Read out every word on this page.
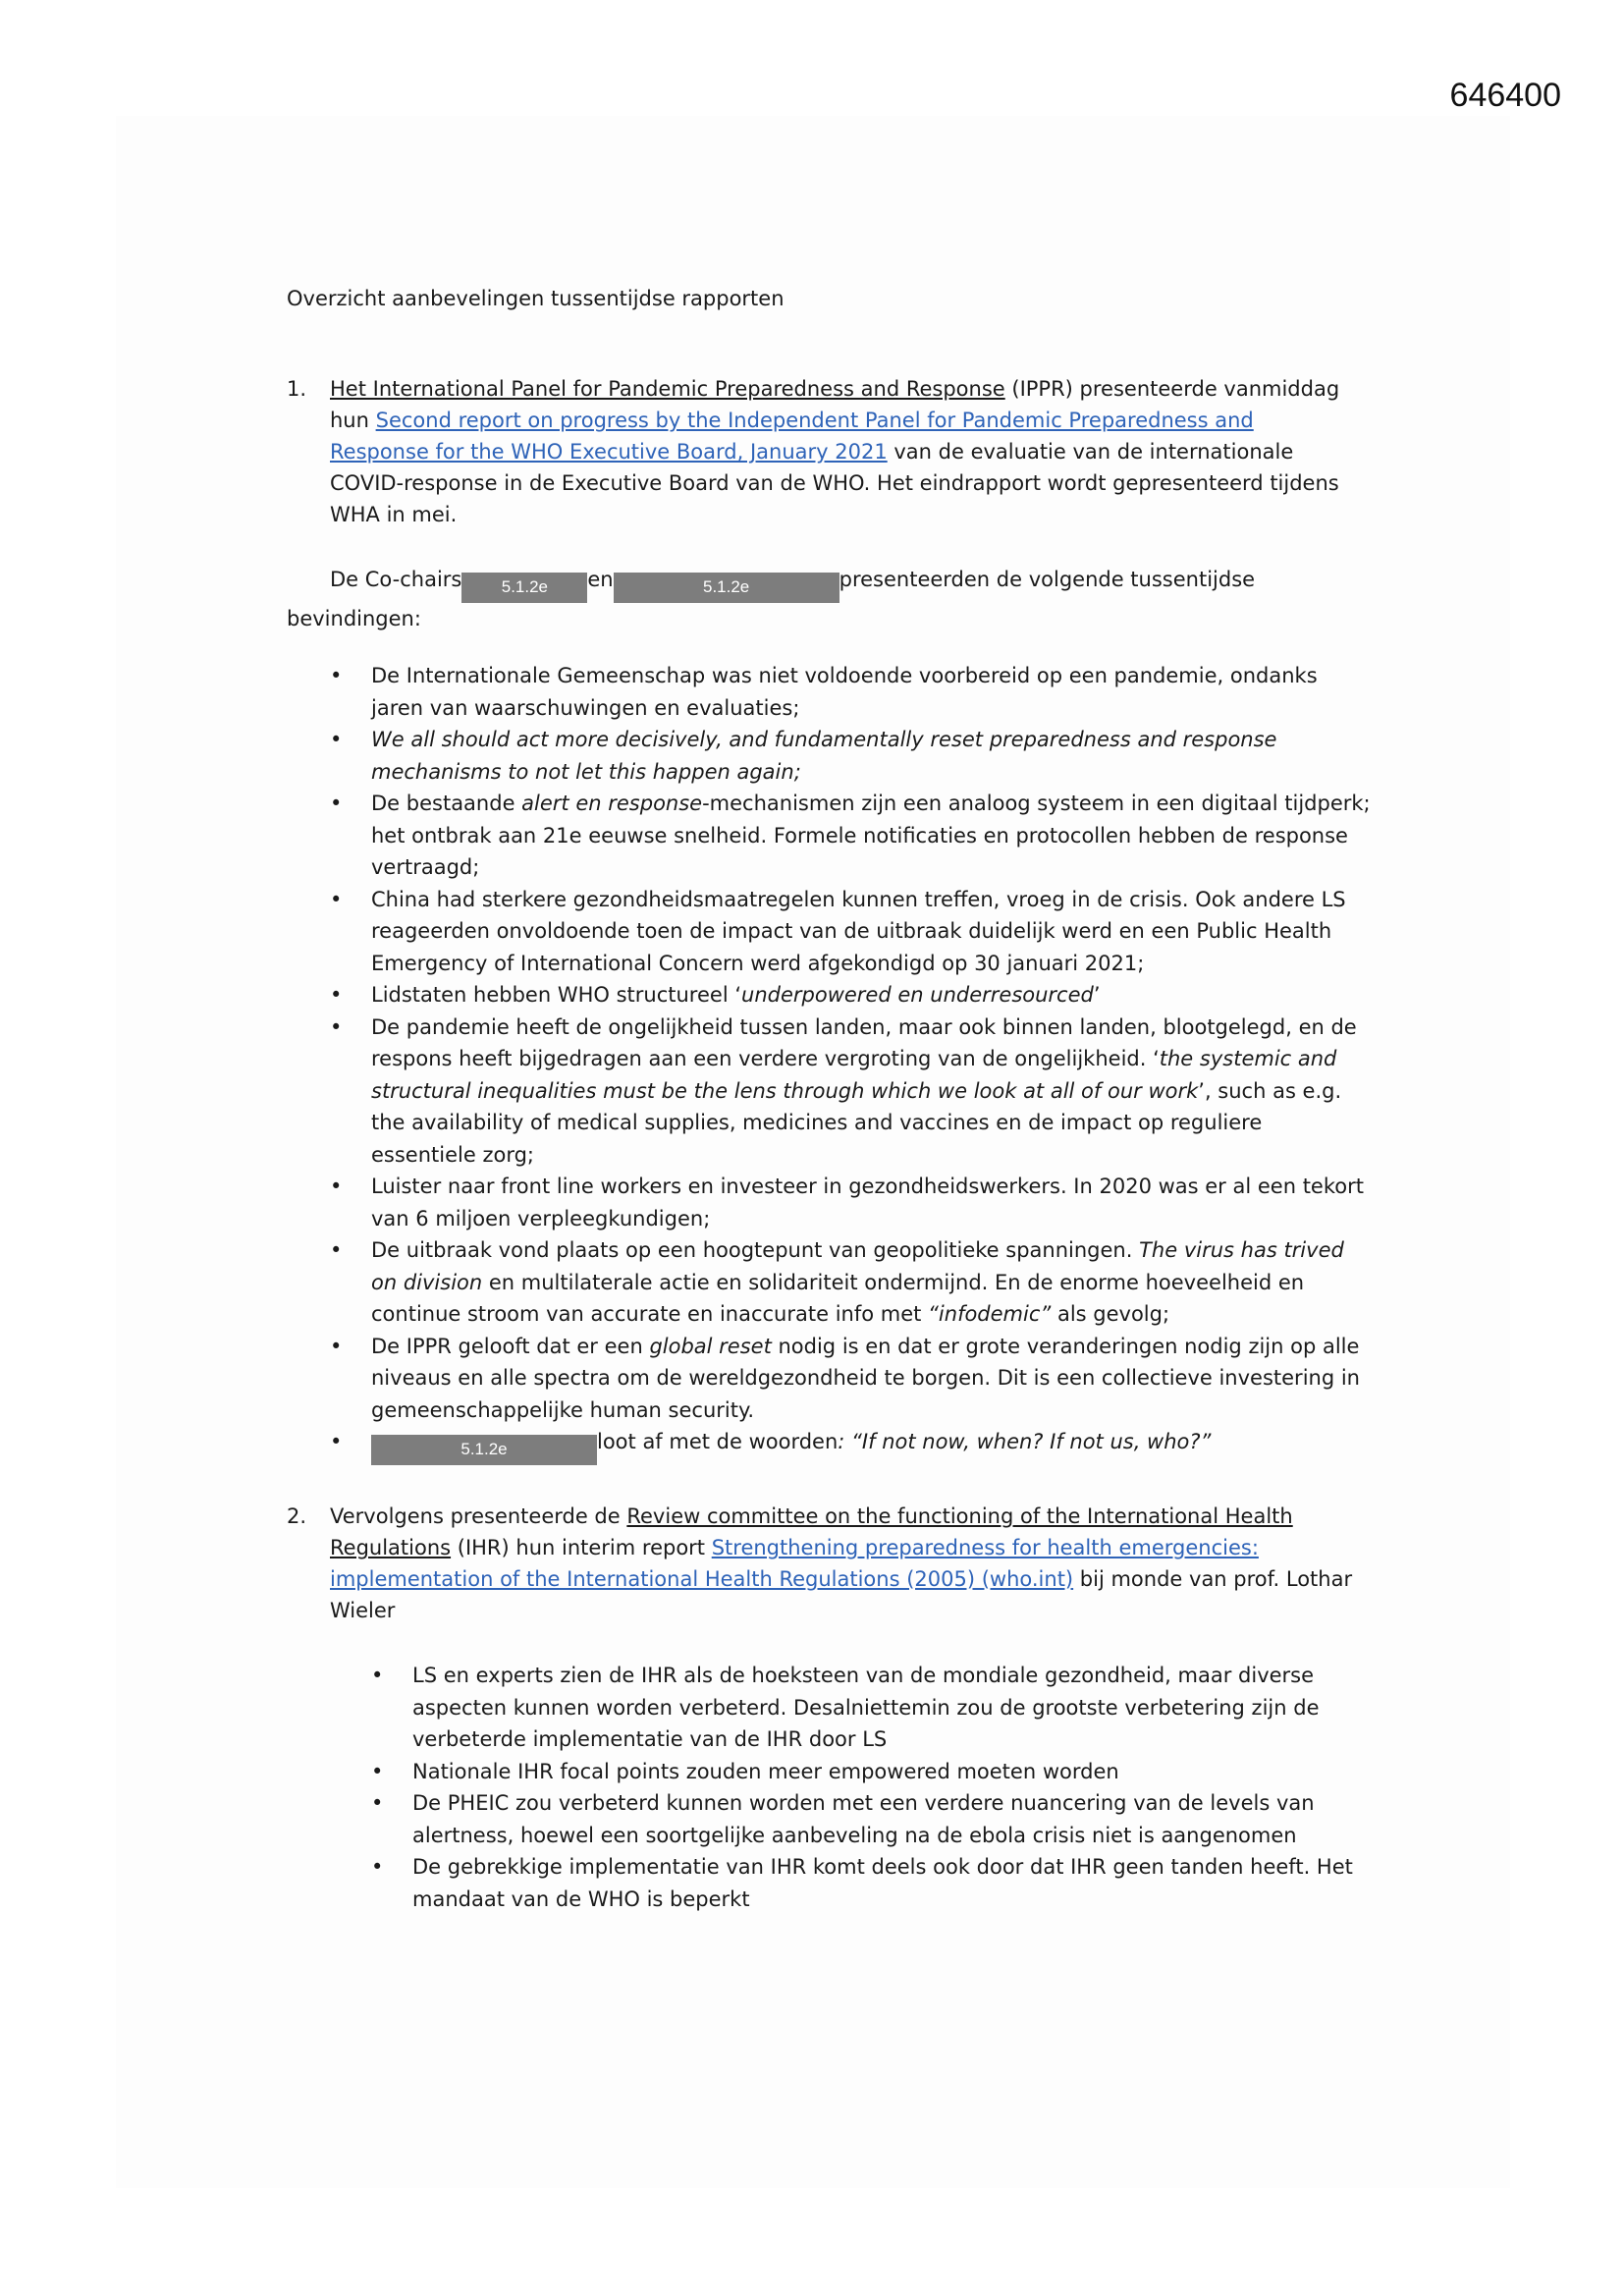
646400
Overzicht aanbevelingen tussentijdse rapporten
1. Het International Panel for Pandemic Preparedness and Response (IPPR) presenteerde vanmiddag hun Second report on progress by the Independent Panel for Pandemic Preparedness and Response for the WHO Executive Board, January 2021 van de evaluatie van de internationale COVID-response in de Executive Board van de WHO. Het eindrapport wordt gepresenteerd tijdens WHA in mei.
De Co-chairs 5.1.2e en	5.1.2e	presenteerden de volgende tussentijdse
bevindingen:
• De Internationale Gemeenschap was niet voldoende voorbereid op een pandemie, ondanks jaren van waarschuwingen en evaluaties;
• We all should act more decisively, and fundamentally reset preparedness and response mechanisms to not let this happen again;
• De bestaande alert en response-mechanismen zijn een analoog systeem in een digitaal tijdperk; het ontbrak aan 21e eeuwse snelheid. Formele notificaties en protocollen hebben de response vertraagd;
• China had sterkere gezondheidsmaatregelen kunnen treffen, vroeg in de crisis. Ook andere LS reageerden onvoldoende toen de impact van de uitbraak duidelijk werd en een Public Health Emergency of International Concern werd afgekondigd op 30 januari 2021;
• Lidstaten hebben WHO structureel ‘underpowered en underresourced’
• De pandemie heeft de ongelijkheid tussen landen, maar ook binnen landen, blootgelegd, en de respons heeft bijgedragen aan een verdere vergroting van de ongelijkheid. ‘the systemic and structural inequalities must be the lens through which we look at all of our work’, such as e.g. the availability of medical supplies, medicines and vaccines en de impact op reguliere essentiele zorg;
• Luister naar front line workers en investeer in gezondheidswerkers. In 2020 was er al een tekort van 6 miljoen verpleegkundigen;
• De uitbraak vond plaats op een hoogtepunt van geopolitieke spanningen. The virus has trived on division en multilaterale actie en solidariteit ondermijnd. En de enorme hoeveelheid en continue stroom van accurate en inaccurate info met “infodemic” als gevolg;
• De IPPR gelooft dat er een global reset nodig is en dat er grote veranderingen nodig zijn op alle niveaus en alle spectra om de wereldgezondheid te borgen. Dit is een collectieve investering in gemeenschappelijke human security.
•	5.1.2e	loot af met de woorden: “If not now, when? If not us, who?”
2. Vervolgens presenteerde de Review committee on the functioning of the International Health Regulations (IHR) hun interim report Strengthening preparedness for health emergencies: implementation of the International Health Regulations (2005) (who.int) bij monde van prof. Lothar Wieler
• LS en experts zien de IHR als de hoeksteen van de mondiale gezondheid, maar diverse aspecten kunnen worden verbeterd. Desalniettemin zou de grootste verbetering zijn de verbeterde implementatie van de IHR door LS
• Nationale IHR focal points zouden meer empowered moeten worden
• De PHEIC zou verbeterd kunnen worden met een verdere nuancering van de levels van alertness, hoewel een soortgelijke aanbeveling na de ebola crisis niet is aangenomen
• De gebrekkige implementatie van IHR komt deels ook door dat IHR geen tanden heeft. Het mandaat van de WHO is beperkt
